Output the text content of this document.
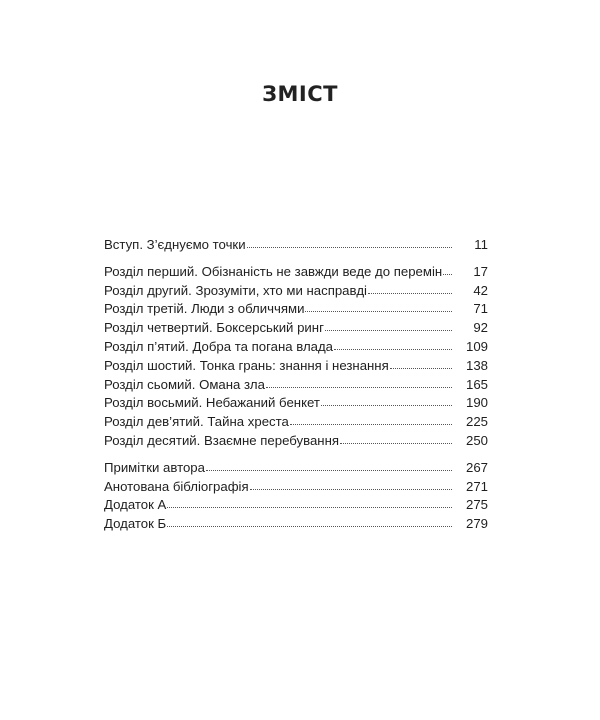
ЗМІСТ
Вступ. З’єднуємо точки	11
Розділ перший. Обізнаність не завжди веде до перемін	17
Розділ другий. Зрозуміти, хто ми насправді	42
Розділ третій. Люди з обличчями	71
Розділ четвертий. Боксерський ринг	92
Розділ п’ятий. Добра та погана влада	109
Розділ шостий. Тонка грань: знання і незнання	138
Розділ сьомий. Омана зла	165
Розділ восьмий. Небажаний бенкет	190
Розділ дев’ятий. Тайна хреста	225
Розділ десятий. Взаємне перебування	250
Примітки автора	267
Анотована бібліографія	271
Додаток А	275
Додаток Б	279
